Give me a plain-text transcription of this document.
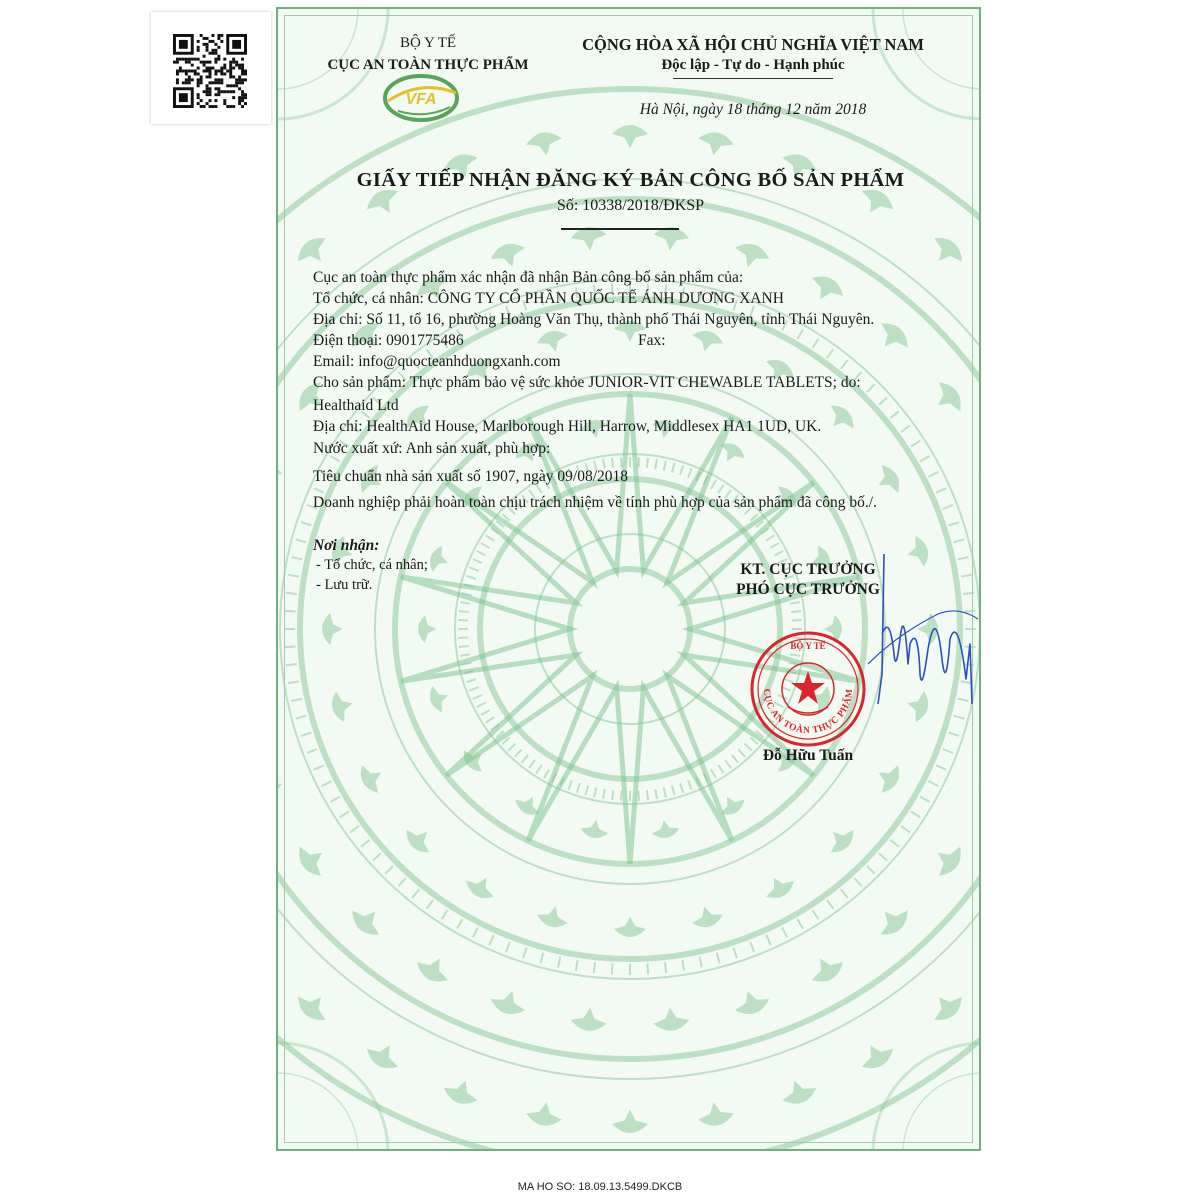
BỘ Y TẾ
CỤC AN TOÀN THỰC PHẨM
VFA
CỘNG HÒA XÃ HỘI CHỦ NGHĨA VIỆT NAM
Độc lập - Tự do - Hạnh phúc
Hà Nội, ngày 18 tháng 12 năm 2018
GIẤY TIẾP NHẬN ĐĂNG KÝ BẢN CÔNG BỐ SẢN PHẨM
Số: 10338/2018/ĐKSP
Cục an toàn thực phẩm xác nhận đã nhận Bản công bố sản phẩm của:
Tổ chức, cá nhân: CÔNG TY CỔ PHẦN QUỐC TẾ ÁNH DƯƠNG XANH
Địa chỉ: Số 11, tổ 16, phường Hoàng Văn Thụ, thành phố Thái Nguyên, tỉnh Thái Nguyên.
Điện thoại: 0901775486	Fax:
Email: info@quocteanhduongxanh.com
Cho sản phẩm: Thực phẩm bảo vệ sức khỏe JUNIOR-VIT CHEWABLE TABLETS; do:
Healthaid Ltd
Địa chỉ: HealthAid House, Marlborough Hill, Harrow, Middlesex HA1 1UD, UK.
Nước xuất xứ: Anh sản xuất, phù hợp:
Tiêu chuẩn nhà sản xuất số 1907, ngày 09/08/2018
Doanh nghiệp phải hoàn toàn chịu trách nhiệm về tính phù hợp của sản phẩm đã công bố./.
Nơi nhận:
- Tổ chức, cá nhân;
- Lưu trữ.
KT. CỤC TRƯỞNG
PHÓ CỤC TRƯỞNG
BỘ Y TẾ
CỤC AN TOÀN THỰC PHẨM
Đỗ Hữu Tuấn
MA HO SO: 18.09.13.5499.DKCB
